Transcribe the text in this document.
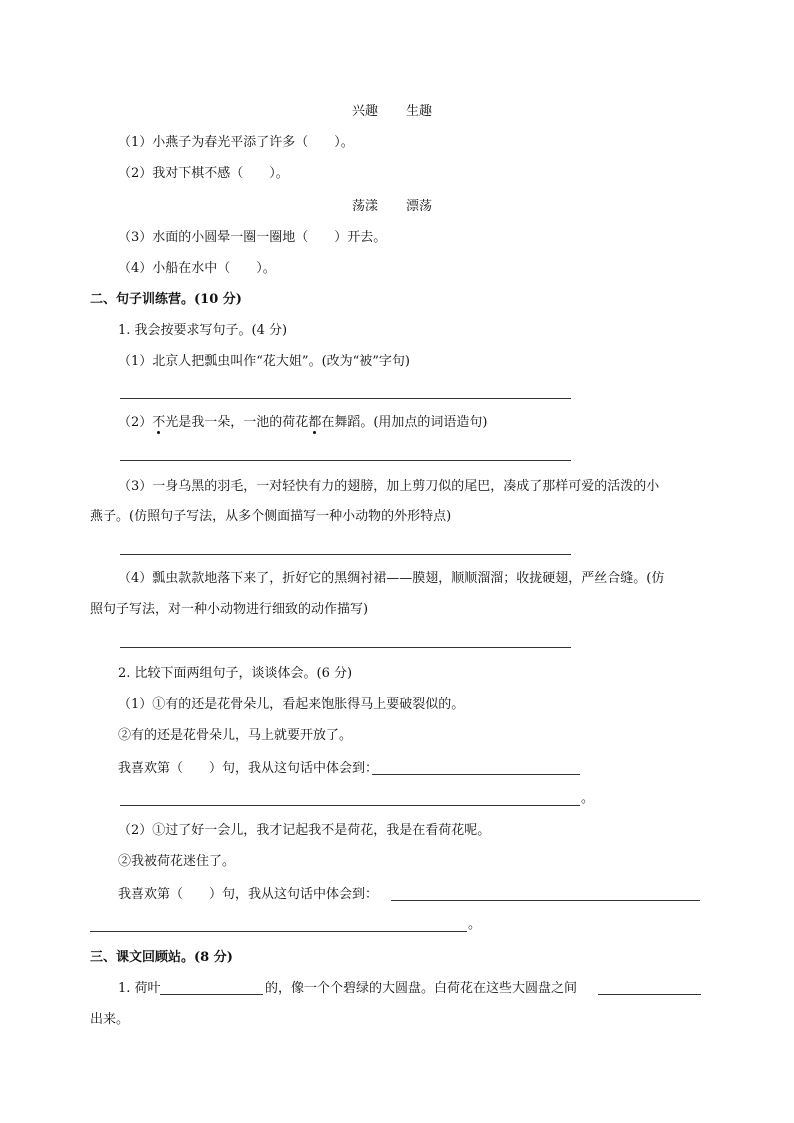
兴趣 生趣
（1）小燕子为春光平添了许多（ ）。
（2）我对下棋不感（ ）。
荡漾 漂荡
（3）水面的小圆晕一圈一圈地（ ）开去。
（4）小船在水中（ ）。
二、句子训练营。(10 分)
1. 我会按要求写句子。(4 分)
（1）北京人把瓢虫叫作“花大姐”。(改为“被”字句)
（2）不光是我一朵，一池的荷花都在舞蹈。(用加点的词语造句)
（3）一身乌黑的羽毛，一对轻快有力的翅膀，加上剪刀似的尾巴，凑成了那样可爱的活泼的小
燕子。(仿照句子写法，从多个侧面描写一种小动物的外形特点)
（4）瓢虫款款地落下来了，折好它的黑绸衬裙——膜翅，顺顺溜溜；收拢硬翅，严丝合缝。(仿
照句子写法，对一种小动物进行细致的动作描写)
2. 比较下面两组句子，谈谈体会。(6 分)
（1）①有的还是花骨朵儿，看起来饱胀得马上要破裂似的。
②有的还是花骨朵儿，马上就要开放了。
我喜欢第（ ）句，我从这句话中体会到：
。
（2）①过了好一会儿，我才记起我不是荷花，我是在看荷花呢。
②我被荷花迷住了。
我喜欢第（ ）句，我从这句话中体会到：
。
三、课文回顾站。(8 分)
1. 荷叶	的，像一个个碧绿的大圆盘。白荷花在这些大圆盘之间
出来。
